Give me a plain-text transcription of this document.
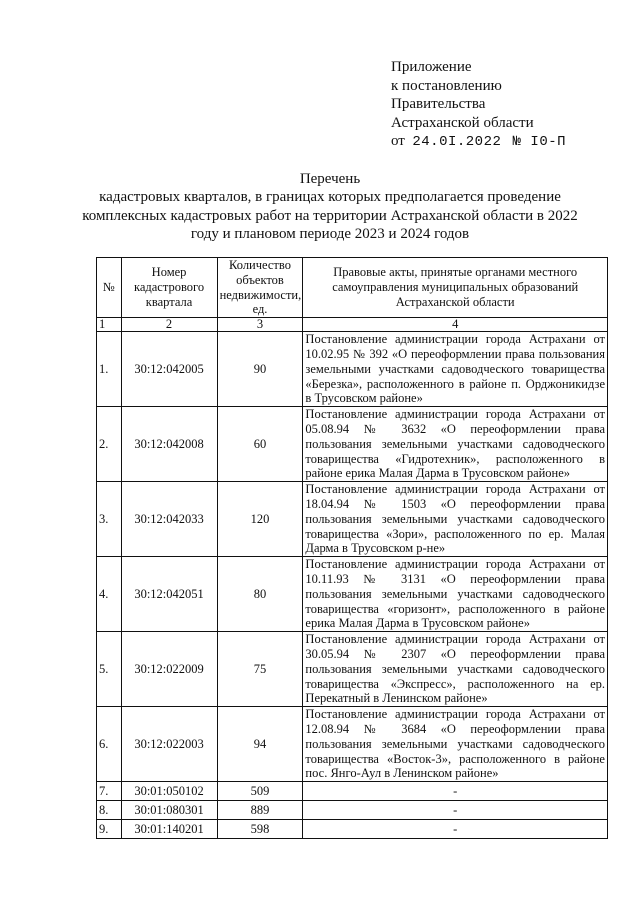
Приложение
к постановлению
Правительства
Астраханской области
от 24.0I.2022 № I0-П
Перечень
кадастровых кварталов, в границах которых предполагается проведение комплексных кадастровых работ на территории Астраханской области в 2022 году и плановом периоде 2023 и 2024 годов
№	Номер кадастрового квартала	Количество объектов недвижимости, ед.	Правовые акты, принятые органами местного самоуправления муниципальных образований Астраханской области
1	2	3	4
1.	30:12:042005	90	Постановление администрации города Астрахани от 10.02.95 № 392 «О переоформлении права пользования земельными участками садоводческого товарищества «Березка», расположенного в районе п. Орджоникидзе в Трусовском районе»
2.	30:12:042008	60	Постановление администрации города Астрахани от 05.08.94 № 3632 «О переоформлении права пользования земельными участками садоводческого товарищества «Гидротехник», расположенного в районе ерика Малая Дарма в Трусовском районе»
3.	30:12:042033	120	Постановление администрации города Астрахани от 18.04.94 № 1503 «О переоформлении права пользования земельными участками садоводческого товарищества «Зори», расположенного по ер. Малая Дарма в Трусовском р-не»
4.	30:12:042051	80	Постановление администрации города Астрахани от 10.11.93 № 3131 «О переоформлении права пользования земельными участками садоводческого товарищества «горизонт», расположенного в районе ерика Малая Дарма в Трусовском районе»
5.	30:12:022009	75	Постановление администрации города Астрахани от 30.05.94 № 2307 «О переоформлении права пользования земельными участками садоводческого товарищества «Экспресс», расположенного на ер. Перекатный в Ленинском районе»
6.	30:12:022003	94	Постановление администрации города Астрахани от 12.08.94 № 3684 «О переоформлении права пользования земельными участками садоводческого товарищества «Восток-3», расположенного в районе пос. Янго-Аул в Ленинском районе»
7.	30:01:050102	509	-
8.	30:01:080301	889	-
9.	30:01:140201	598	-
